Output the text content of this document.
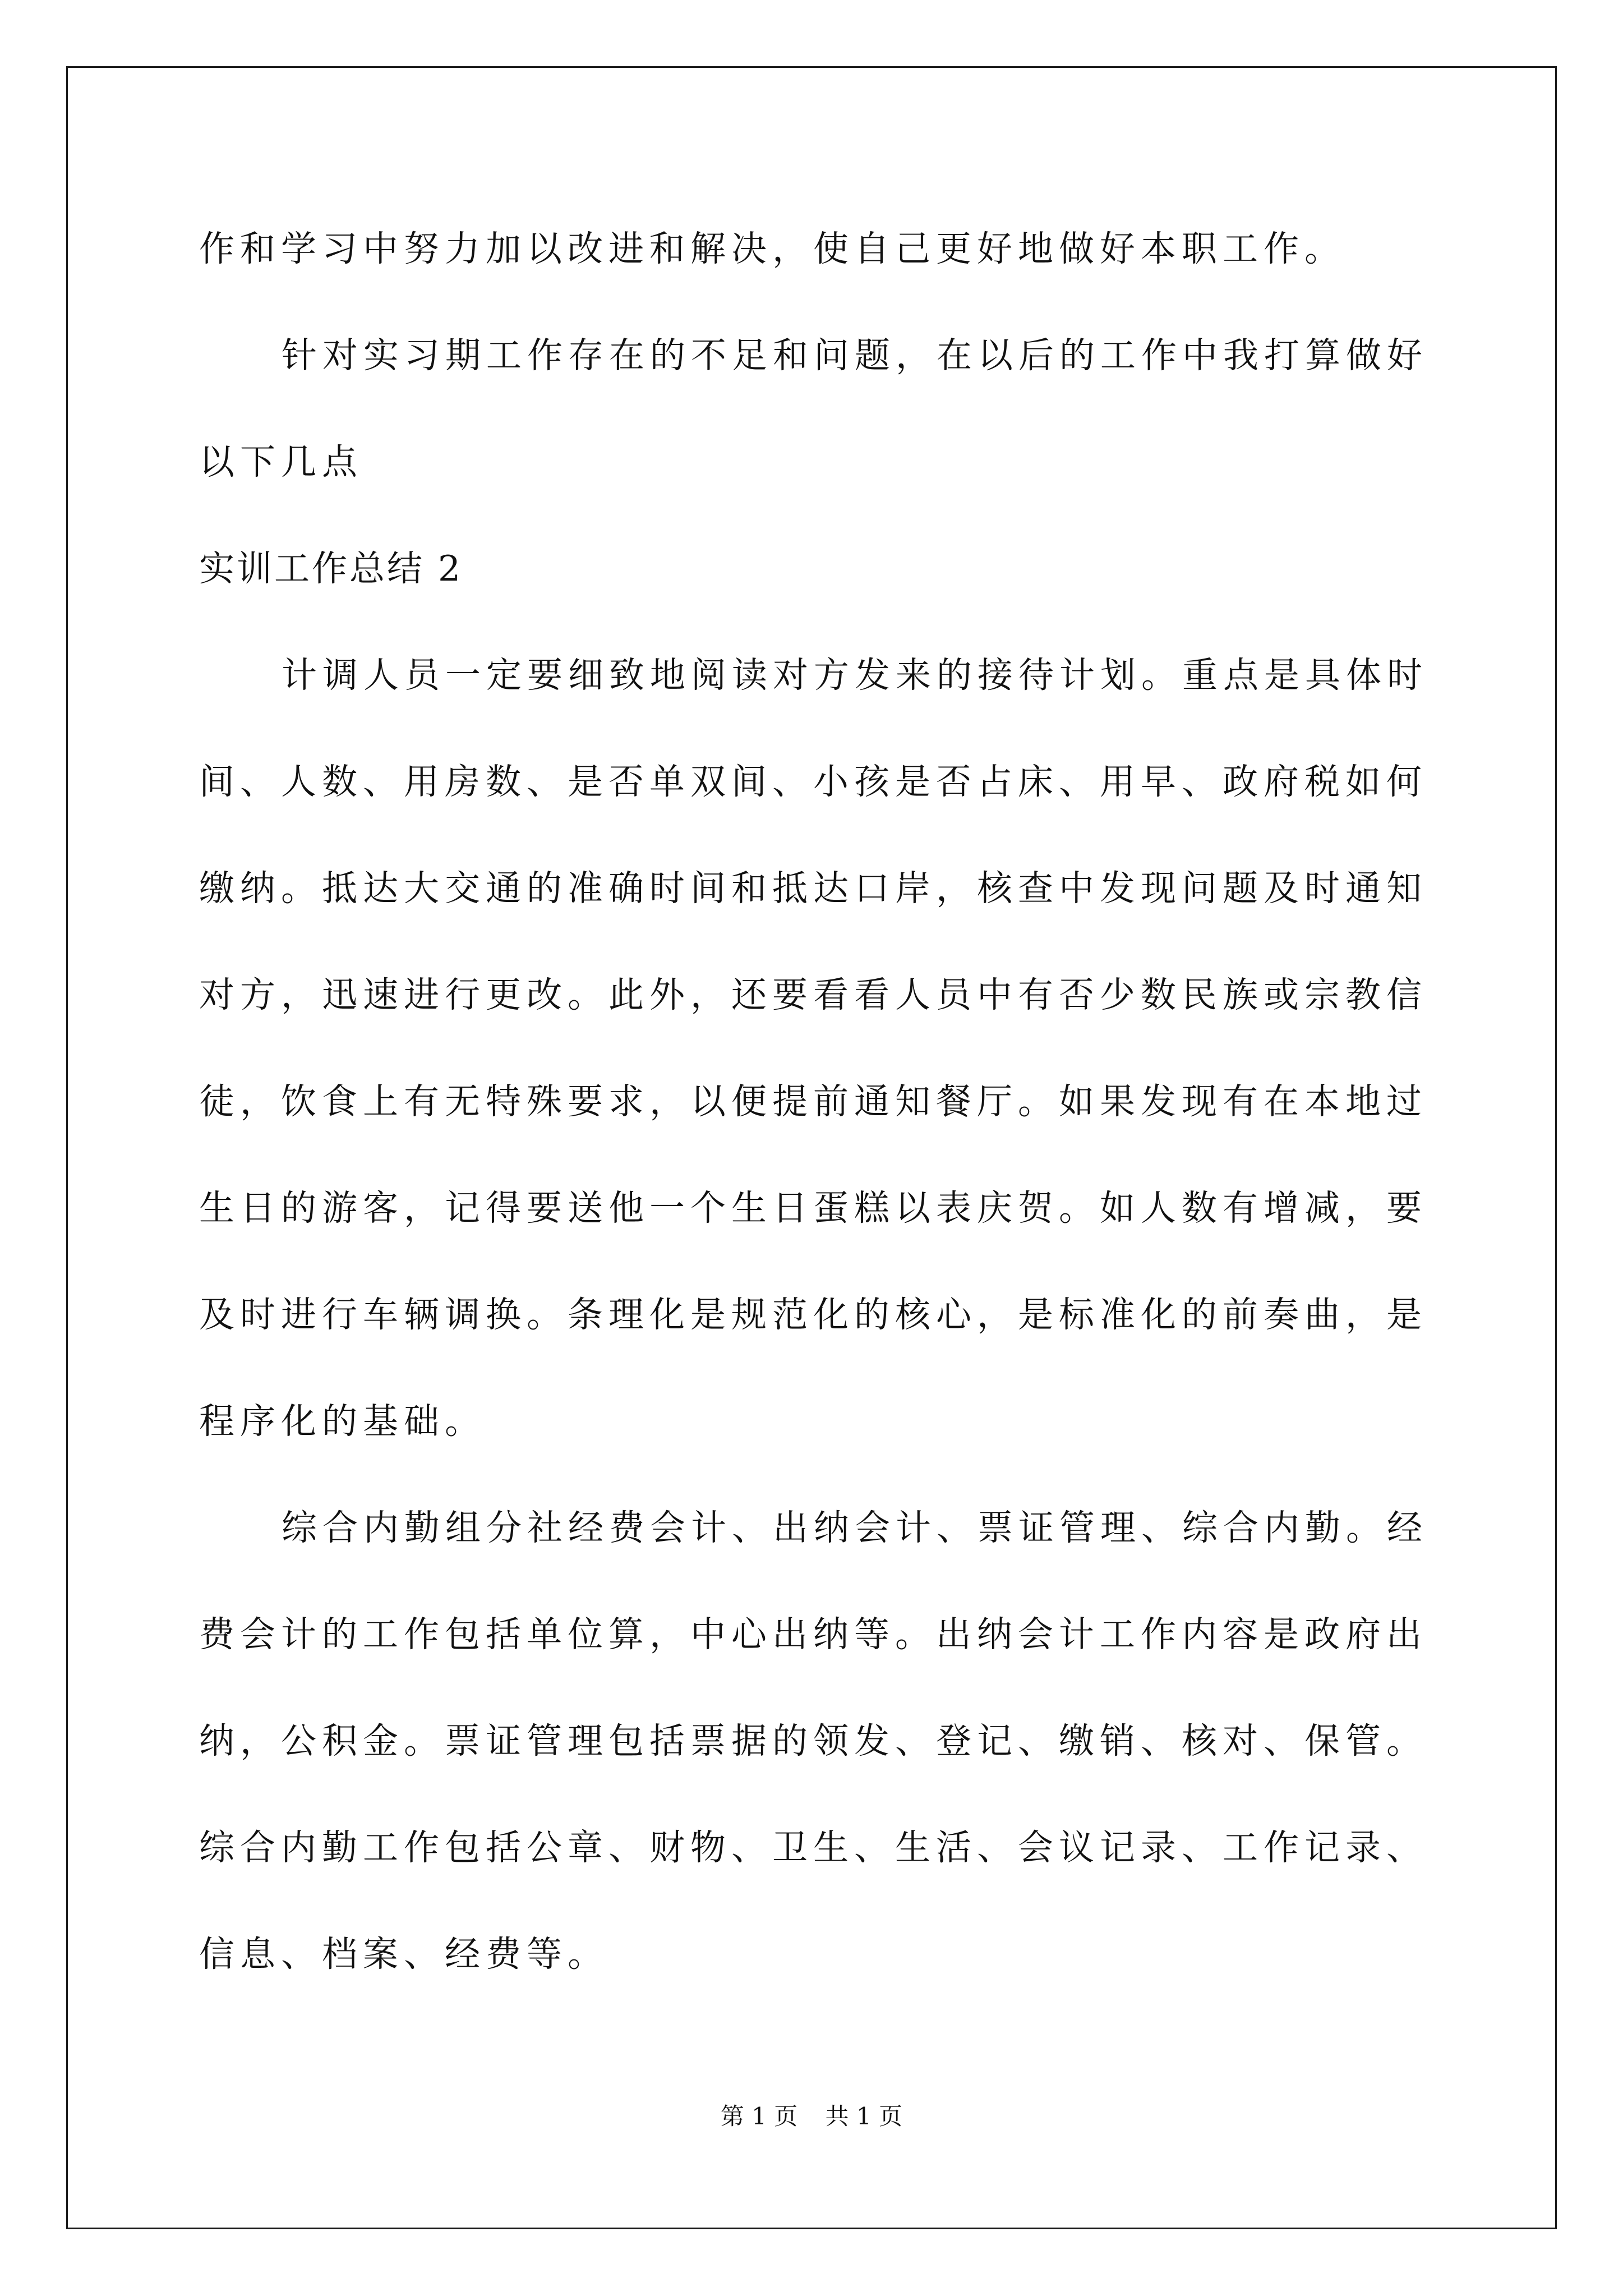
作和学习中努力加以改进和解决，使自己更好地做好本职工作。
针对实习期工作存在的不足和问题，在以后的工作中我打算做好
以下几点
实训工作总结 2
计调人员一定要细致地阅读对方发来的接待计划。重点是具体时
间、人数、用房数、是否单双间、小孩是否占床、用早、政府税如何
缴纳。抵达大交通的准确时间和抵达口岸，核查中发现问题及时通知
对方，迅速进行更改。此外，还要看看人员中有否少数民族或宗教信
徒，饮食上有无特殊要求，以便提前通知餐厅。如果发现有在本地过
生日的游客，记得要送他一个生日蛋糕以表庆贺。如人数有增减，要
及时进行车辆调换。条理化是规范化的核心，是标准化的前奏曲，是
程序化的基础。
综合内勤组分社经费会计、出纳会计、票证管理、综合内勤。经
费会计的工作包括单位算，中心出纳等。出纳会计工作内容是政府出
纳，公积金。票证管理包括票据的领发、登记、缴销、核对、保管。
综合内勤工作包括公章、财物、卫生、生活、会议记录、工作记录、
信息、档案、经费等。
第 1 页 共 1 页
